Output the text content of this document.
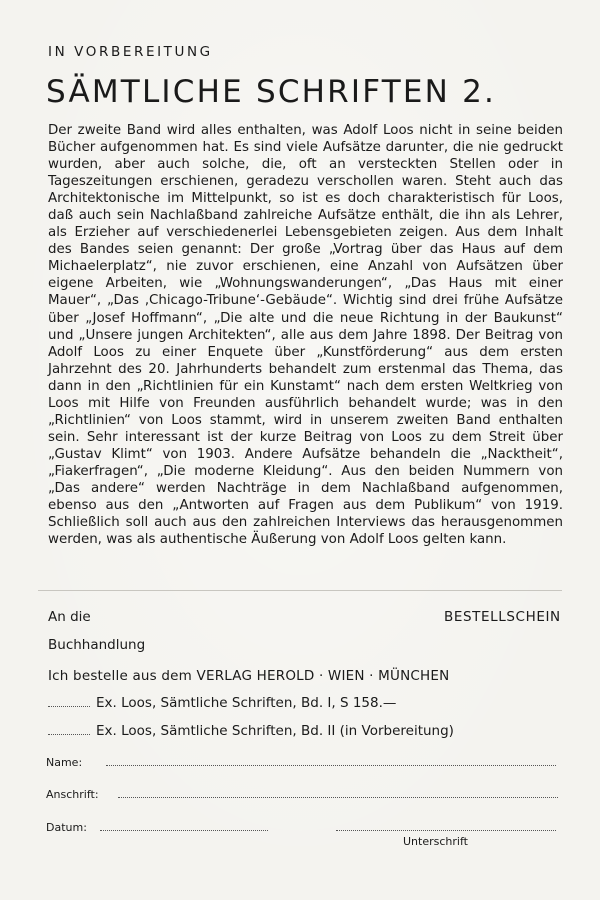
IN VORBEREITUNG
SÄMTLICHE SCHRIFTEN 2.

Der zweite Band wird alles enthalten, was Adolf Loos nicht in seine beiden Bücher aufgenommen hat. Es sind viele Aufsätze darunter, die nie gedruckt wurden, aber auch solche, die, oft an versteckten Stellen oder in Tageszeitungen erschienen, geradezu verschollen waren. Steht auch das Architektonische im Mittelpunkt, so ist es doch charakteristisch für Loos, daß auch sein Nachlaßband zahlreiche Aufsätze enthält, die ihn als Lehrer, als Erzieher auf verschiedenerlei Lebensgebieten zeigen. Aus dem Inhalt des Bandes seien genannt: Der große „Vortrag über das Haus auf dem Michaelerplatz“, nie zuvor erschienen, eine Anzahl von Aufsätzen über eigene Arbeiten, wie „Wohnungswanderungen“, „Das Haus mit einer Mauer“, „Das ‚Chicago-Tribune‘-Gebäude“. Wichtig sind drei frühe Aufsätze über „Josef Hoffmann“, „Die alte und die neue Richtung in der Baukunst“ und „Unsere jungen Architekten“, alle aus dem Jahre 1898. Der Beitrag von Adolf Loos zu einer Enquete über „Kunstförderung“ aus dem ersten Jahrzehnt des 20. Jahrhunderts behandelt zum erstenmal das Thema, das dann in den „Richtlinien für ein Kunstamt“ nach dem ersten Weltkrieg von Loos mit Hilfe von Freunden ausführlich behandelt wurde; was in den „Richtlinien“ von Loos stammt, wird in unserem zweiten Band enthalten sein. Sehr interessant ist der kurze Beitrag von Loos zu dem Streit über „Gustav Klimt“ von 1903. Andere Aufsätze behandeln die „Nacktheit“, „Fiakerfragen“, „Die moderne Kleidung“. Aus den beiden Nummern von „Das andere“ werden Nachträge in dem Nachlaßband aufgenommen, ebenso aus den „Antworten auf Fragen aus dem Publikum“ von 1919. Schließlich soll auch aus den zahlreichen Interviews das herausgenommen werden, was als authentische Äußerung von Adolf Loos gelten kann.

An die
Buchhandlung
BESTELLSCHEIN
Ich bestelle aus dem VERLAG HEROLD · WIEN · MÜNCHEN
Ex. Loos, Sämtliche Schriften, Bd. I, S 158.—
Ex. Loos, Sämtliche Schriften, Bd. II (in Vorbereitung)
Name:
Anschrift:
Datum:
Unterschrift
